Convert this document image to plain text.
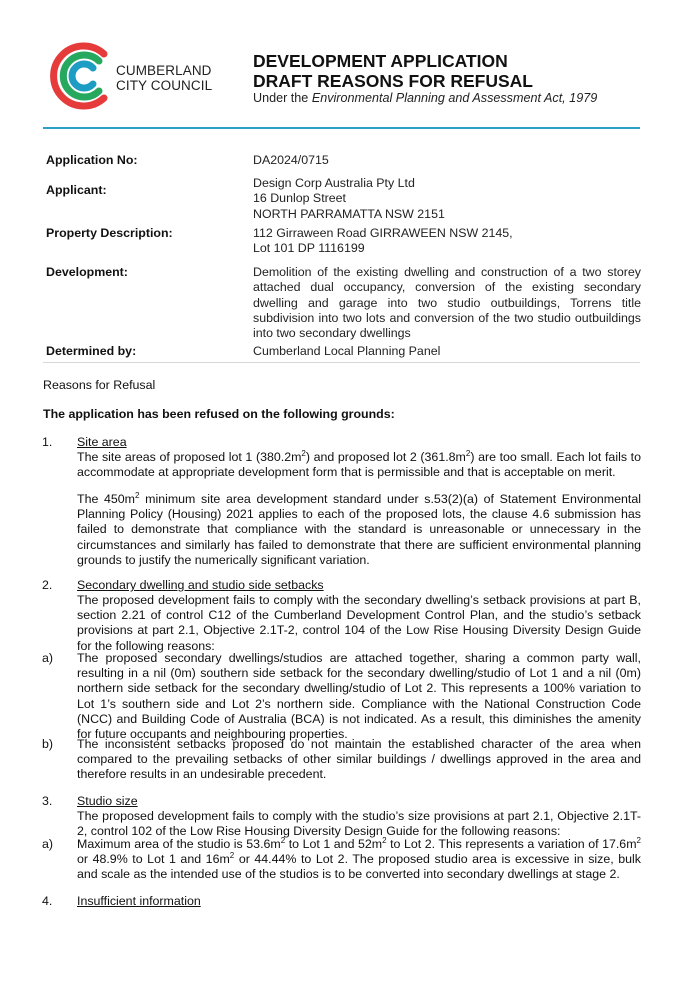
CUMBERLAND
CITY COUNCIL
DEVELOPMENT APPLICATION
DRAFT REASONS FOR REFUSAL
Under the Environmental Planning and Assessment Act, 1979
Application No:	DA2024/0715
Applicant:	Design Corp Australia Pty Ltd
16 Dunlop Street
NORTH PARRAMATTA NSW 2151
Property Description:	112 Girraween Road GIRRAWEEN NSW 2145,
Lot 101 DP 1116199
Development:	Demolition of the existing dwelling and construction of a two storey attached dual occupancy, conversion of the existing secondary dwelling and garage into two studio outbuildings, Torrens title subdivision into two lots and conversion of the two studio outbuildings into two secondary dwellings
Determined by:	Cumberland Local Planning Panel
Reasons for Refusal
The application has been refused on the following grounds:
1. Site area
The site areas of proposed lot 1 $(380.2m^2)$ and proposed lot 2 $(361.8m^2)$ are too small. Each lot fails to accommodate at appropriate development form that is permissible and that is acceptable on merit.
The $450m^2$ minimum site area development standard under s.53(2)(a) of Statement Environmental Planning Policy (Housing) 2021 applies to each of the proposed lots, the clause 4.6 submission has failed to demonstrate that compliance with the standard is unreasonable or unnecessary in the circumstances and similarly has failed to demonstrate that there are sufficient environmental planning grounds to justify the numerically significant variation.
2. Secondary dwelling and studio side setbacks
The proposed development fails to comply with the secondary dwelling’s setback provisions at part B, section 2.21 of control C12 of the Cumberland Development Control Plan, and the studio’s setback provisions at part 2.1, Objective 2.1T-2, control 104 of the Low Rise Housing Diversity Design Guide for the following reasons:
a) The proposed secondary dwellings/studios are attached together, sharing a common party wall, resulting in a nil (0m) southern side setback for the secondary dwelling/studio of Lot 1 and a nil (0m) northern side setback for the secondary dwelling/studio of Lot 2. This represents a 100% variation to Lot 1’s southern side and Lot 2’s northern side. Compliance with the National Construction Code (NCC) and Building Code of Australia (BCA) is not indicated. As a result, this diminishes the amenity for future occupants and neighbouring properties.
b) The inconsistent setbacks proposed do not maintain the established character of the area when compared to the prevailing setbacks of other similar buildings / dwellings approved in the area and therefore results in an undesirable precedent.
3. Studio size
The proposed development fails to comply with the studio’s size provisions at part 2.1, Objective 2.1T-2, control 102 of the Low Rise Housing Diversity Design Guide for the following reasons:
a) Maximum area of the studio is $53.6m^2$ to Lot 1 and $52m^2$ to Lot 2. This represents a variation of $17.6m^2$ or 48.9% to Lot 1 and $16m^2$ or 44.44% to Lot 2. The proposed studio area is excessive in size, bulk and scale as the intended use of the studios is to be converted into secondary dwellings at stage 2.
4. Insufficient information
